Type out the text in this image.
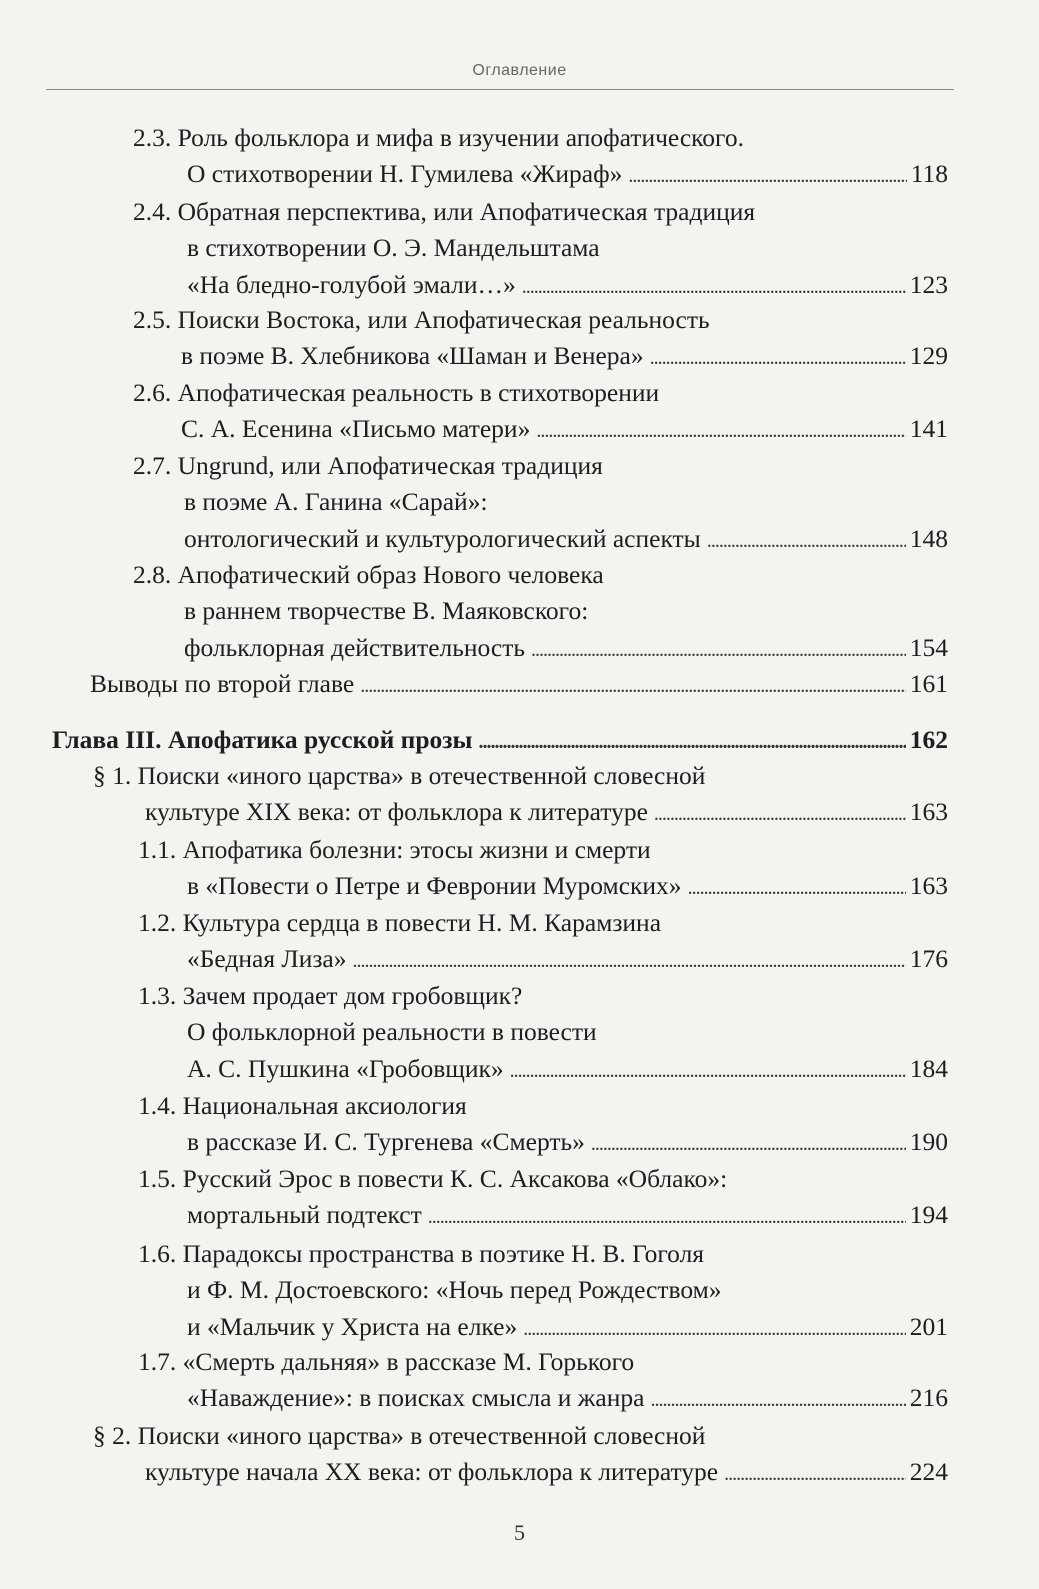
Оглавление
2.3. Роль фольклора и мифа в изучении апофатического.
О стихотворении Н. Гумилева «Жираф» . . .	118
2.4. Обратная перспектива, или Апофатическая традиция
в стихотворении О. Э. Мандельштама
«На бледно-голубой эмали…» . . .	123
2.5. Поиски Востока, или Апофатическая реальность
в поэме В. Хлебникова «Шаман и Венера» . . .	129
2.6. Апофатическая реальность в стихотворении
С. А. Есенина «Письмо матери» . . .	141
2.7. Ungrund, или Апофатическая традиция
в поэме А. Ганина «Сарай»:
онтологический и культурологический аспекты . . .	148
2.8. Апофатический образ Нового человека
в раннем творчестве В. Маяковского:
фольклорная действительность . . .	154
Выводы по второй главе . . .	161
Глава III. Апофатика русской прозы . . .	162
§ 1. Поиски «иного царства» в отечественной словесной
культуре XIX века: от фольклора к литературе . . .	163
1.1. Апофатика болезни: этосы жизни и смерти
в «Повести о Петре и Февронии Муромских» . . .	163
1.2. Культура сердца в повести Н. М. Карамзина
«Бедная Лиза» . . .	176
1.3. Зачем продает дом гробовщик?
О фольклорной реальности в повести
А. С. Пушкина «Гробовщик» . . .	184
1.4. Национальная аксиология
в рассказе И. С. Тургенева «Смерть» . . .	190
1.5. Русский Эрос в повести К. С. Аксакова «Облако»:
мортальный подтекст . . .	194
1.6. Парадоксы пространства в поэтике Н. В. Гоголя
и Ф. М. Достоевского: «Ночь перед Рождеством»
и «Мальчик у Христа на елке» . . .	201
1.7. «Смерть дальняя» в рассказе М. Горького
«Наваждение»: в поисках смысла и жанра . . .	216
§ 2. Поиски «иного царства» в отечественной словесной
культуре начала XX века: от фольклора к литературе . . .	224
5
